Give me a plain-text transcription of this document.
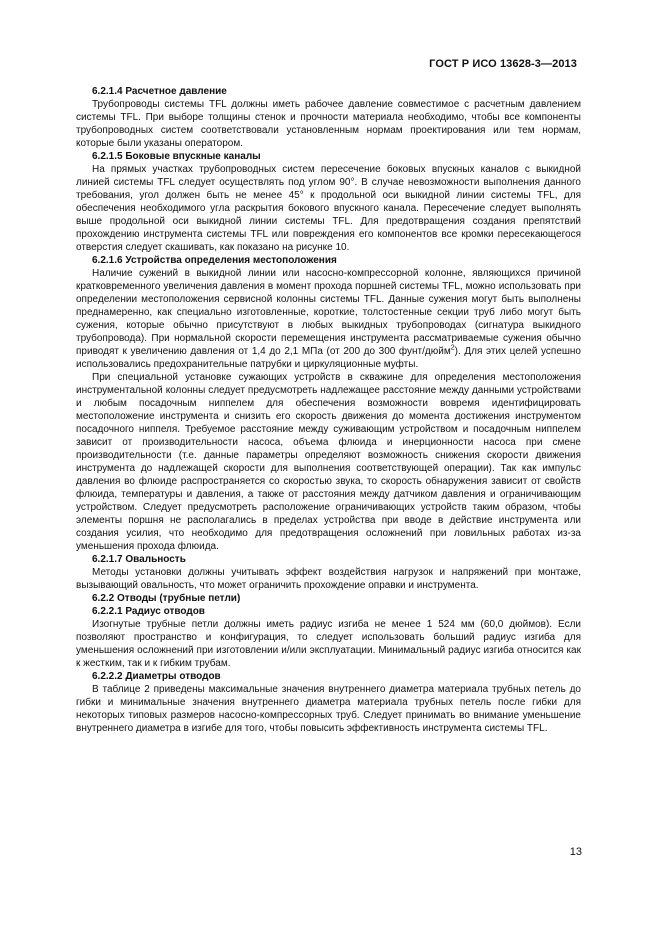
ГОСТ Р ИСО 13628-3—2013
6.2.1.4 Расчетное давление

Трубопроводы системы TFL должны иметь рабочее давление совместимое с расчетным давлением системы TFL. При выборе толщины стенок и прочности материала необходимо, чтобы все компоненты трубопроводных систем соответствовали установленным нормам проектирования или тем нормам, которые были указаны оператором.

6.2.1.5 Боковые впускные каналы

На прямых участках трубопроводных систем пересечение боковых впускных каналов с выкидной линией системы TFL следует осуществлять под углом 90°. В случае невозможности выполнения данного требования, угол должен быть не менее 45° к продольной оси выкидной линии системы TFL, для обеспечения необходимого угла раскрытия бокового впускного канала. Пересечение следует выполнять выше продольной оси выкидной линии системы TFL. Для предотвращения создания препятствий прохождению инструмента системы TFL или повреждения его компонентов все кромки пересекающегося отверстия следует скашивать, как показано на рисунке 10.

6.2.1.6 Устройства определения местоположения

Наличие сужений в выкидной линии или насосно-компрессорной колонне, являющихся причиной кратковременного увеличения давления в момент прохода поршней системы TFL, можно использовать при определении местоположения сервисной колонны системы TFL. Данные сужения могут быть выполнены преднамеренно, как специально изготовленные, короткие, толстостенные секции труб либо могут быть сужения, которые обычно присутствуют в любых выкидных трубопроводах (сигнатура выкидного трубопровода). При нормальной скорости перемещения инструмента рассматриваемые сужения обычно приводят к увеличению давления от 1,4 до 2,1 МПа (от 200 до 300 фунт/дюйм$^2$). Для этих целей успешно использовались предохранительные патрубки и циркуляционные муфты.

При специальной установке сужающих устройств в скважине для определения местоположения инструментальной колонны следует предусмотреть надлежащее расстояние между данными устройствами и любым посадочным ниппелем для обеспечения возможности вовремя идентифицировать местоположение инструмента и снизить его скорость движения до момента достижения инструментом посадочного ниппеля. Требуемое расстояние между суживающим устройством и посадочным ниппелем зависит от производительности насоса, объема флюида и инерционности насоса при смене производительности (т.е. данные параметры определяют возможность снижения скорости движения инструмента до надлежащей скорости для выполнения соответствующей операции). Так как импульс давления во флюиде распространяется со скоростью звука, то скорость обнаружения зависит от свойств флюида, температуры и давления, а также от расстояния между датчиком давления и ограничивающим устройством. Следует предусмотреть расположение ограничивающих устройств таким образом, чтобы элементы поршня не располагались в пределах устройства при вводе в действие инструмента или создания усилия, что необходимо для предотвращения осложнений при ловильных работах из-за уменьшения прохода флюида.

6.2.1.7 Овальность

Методы установки должны учитывать эффект воздействия нагрузок и напряжений при монтаже, вызывающий овальность, что может ограничить прохождение оправки и инструмента.

6.2.2 Отводы (трубные петли)
6.2.2.1 Радиус отводов

Изогнутые трубные петли должны иметь радиус изгиба не менее 1 524 мм (60,0 дюймов). Если позволяют пространство и конфигурация, то следует использовать больший радиус изгиба для уменьшения осложнений при изготовлении и/или эксплуатации. Минимальный радиус изгиба относится как к жестким, так и к гибким трубам.

6.2.2.2 Диаметры отводов

В таблице 2 приведены максимальные значения внутреннего диаметра материала трубных петель до гибки и минимальные значения внутреннего диаметра материала трубных петель после гибки для некоторых типовых размеров насосно-компрессорных труб. Следует принимать во внимание уменьшение внутреннего диаметра в изгибе для того, чтобы повысить эффективность инструмента системы TFL.

13
